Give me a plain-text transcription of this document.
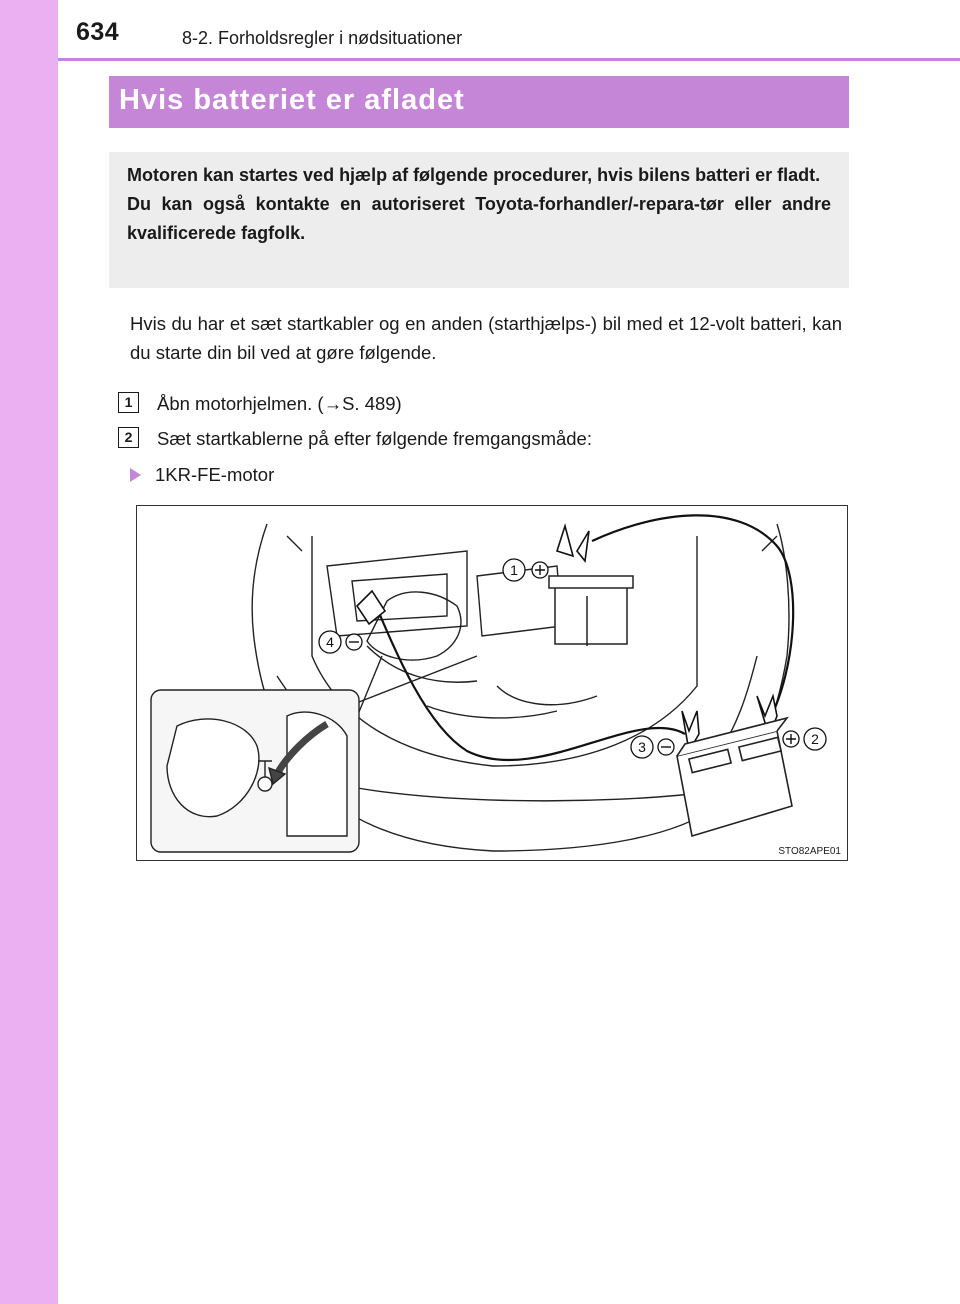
634	8-2. Forholdsregler i nødsituationer
Hvis batteriet er afladet

Motoren kan startes ved hjælp af følgende procedurer, hvis bilens batteri er fladt.

Du kan også kontakte en autoriseret Toyota-forhandler/-repara-tør eller andre kvalificerede fagfolk.

Hvis du har et sæt startkabler og en anden (starthjælps-) bil med et 12-volt batteri, kan du starte din bil ved at gøre følgende.

1	Åbn motorhjelmen. (→S. 489)
2	Sæt startkablerne på efter følgende fremgangsmåde:
1KR-FE-motor
1
2
3
4
STO82APE01
